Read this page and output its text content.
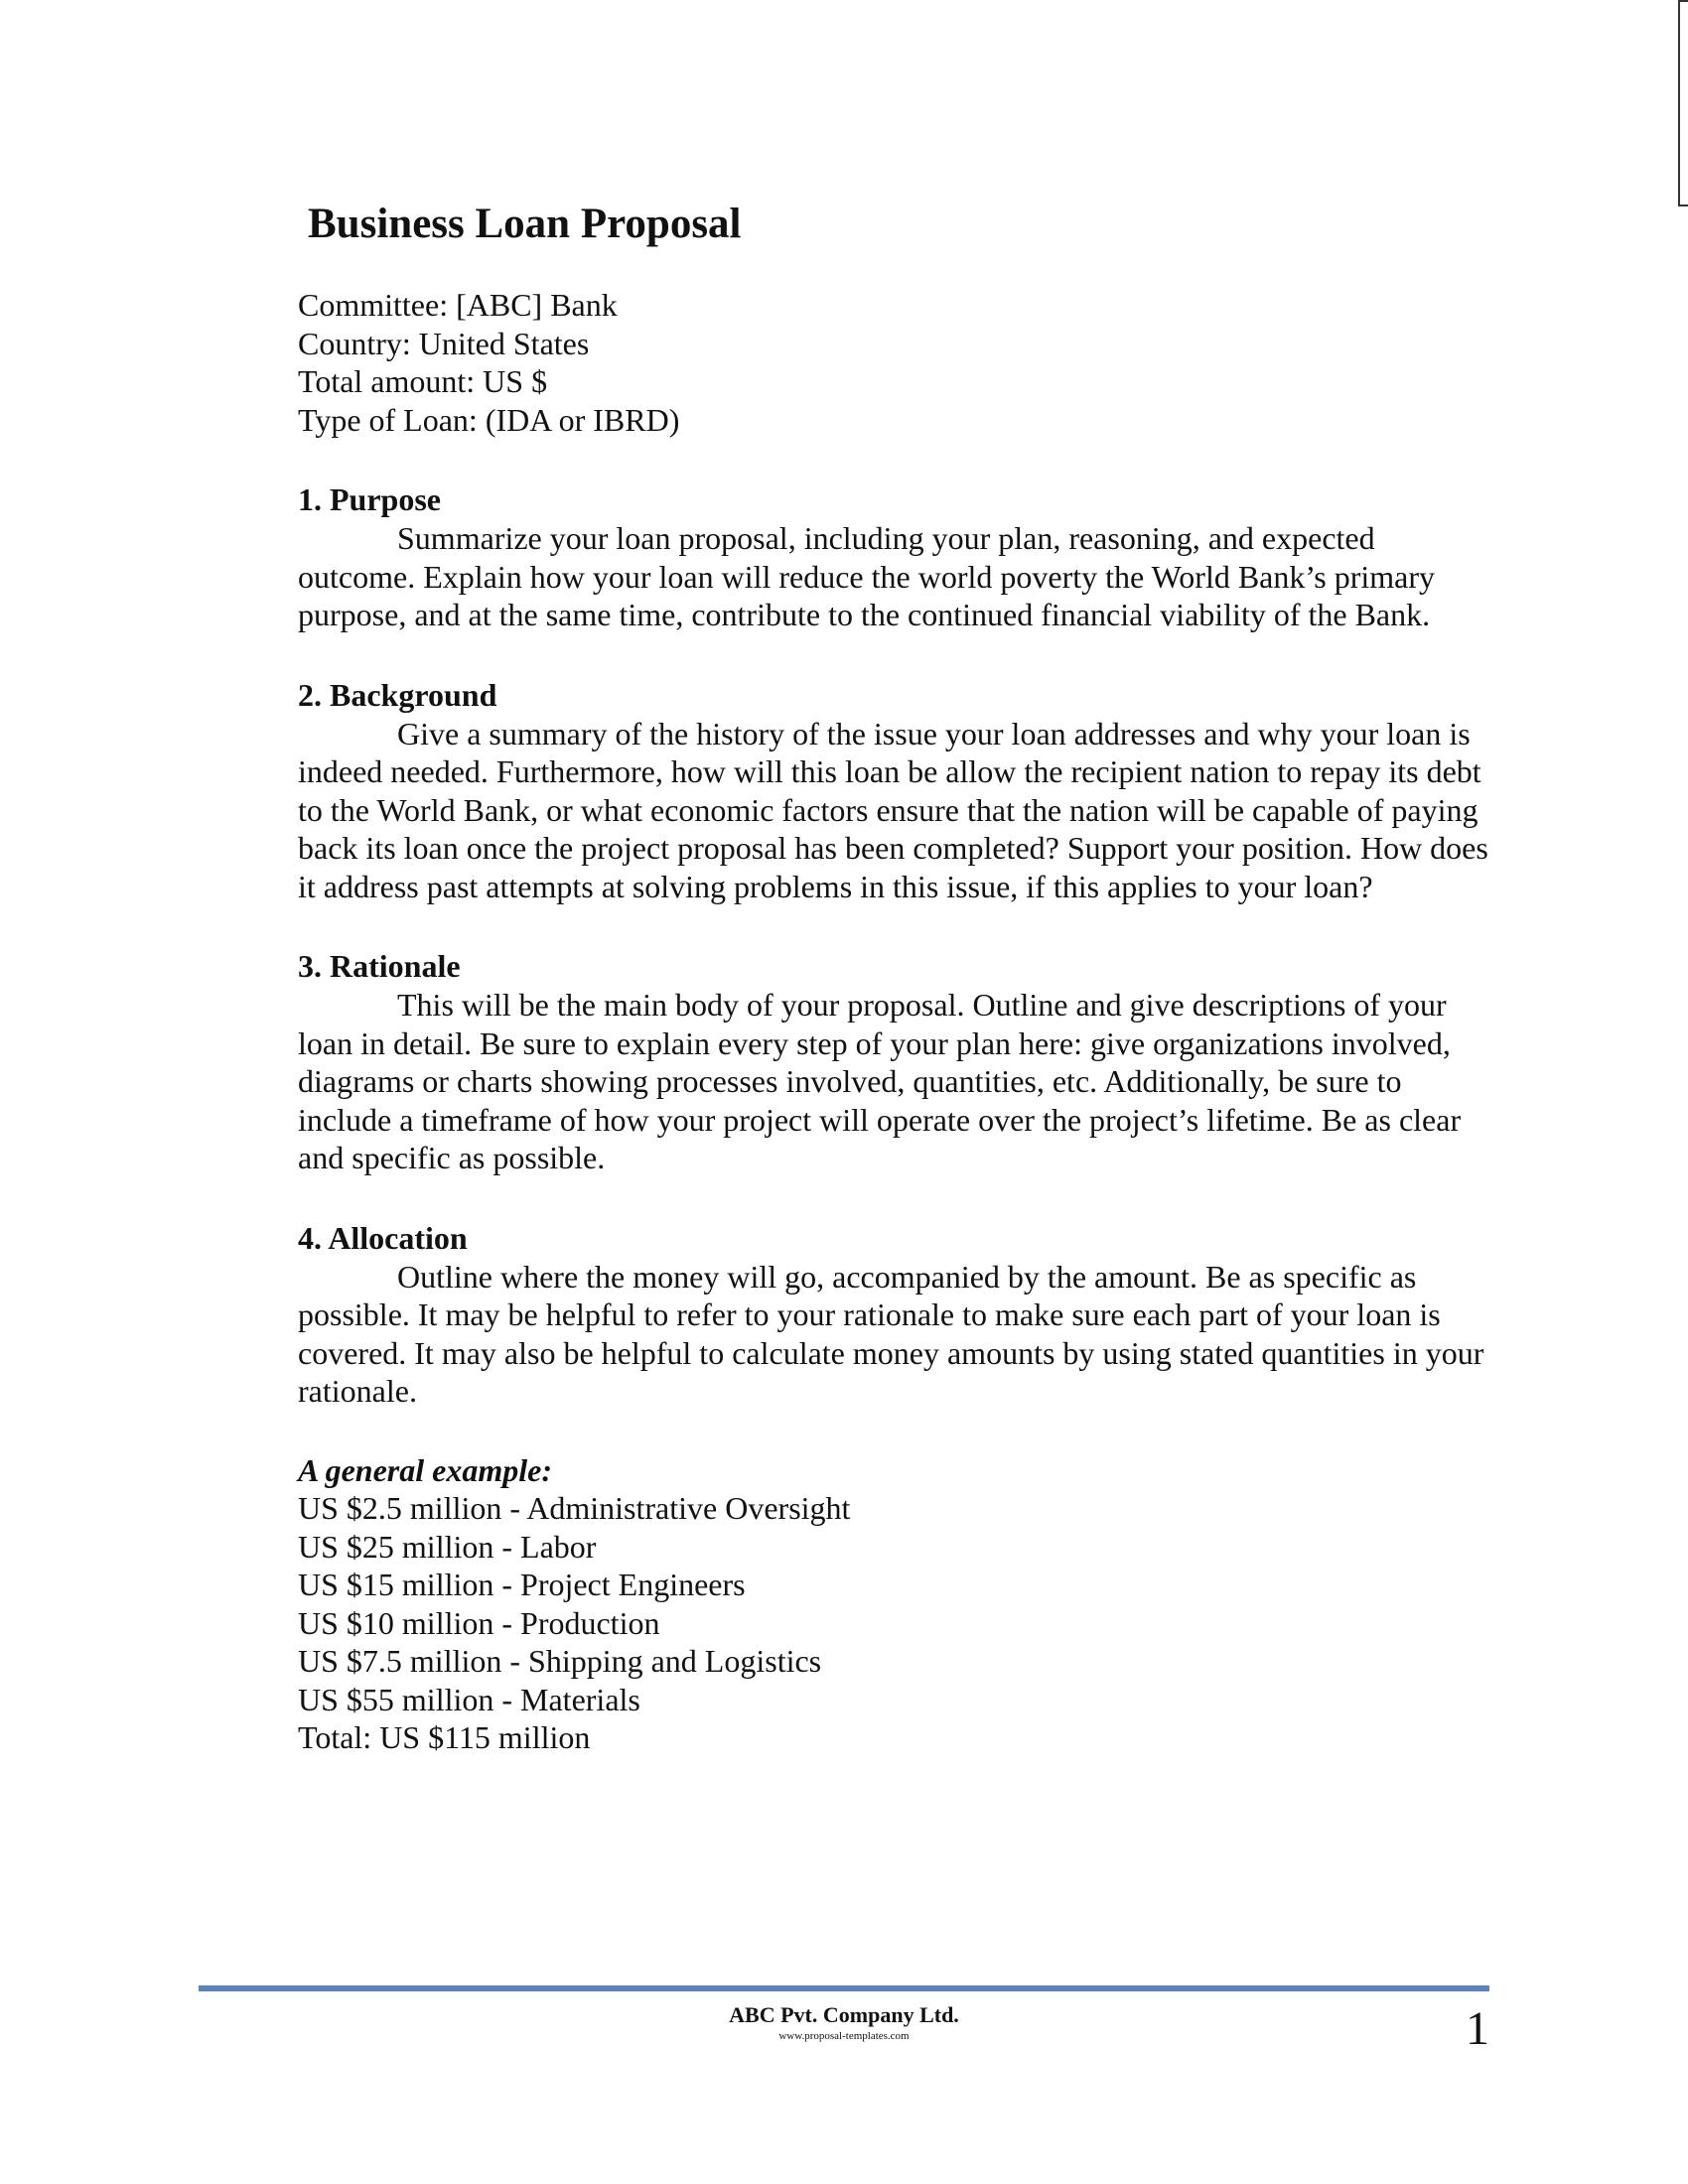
Business Loan Proposal

Committee: [ABC] Bank

Country: United States

Total amount: US $

Type of Loan: (IDA or IBRD)

1. Purpose

Summarize your loan proposal, including your plan, reasoning, and expected outcome. Explain how your loan will reduce the world poverty the World Bank’s primary purpose, and at the same time, contribute to the continued financial viability of the Bank.

2. Background

Give a summary of the history of the issue your loan addresses and why your loan is indeed needed. Furthermore, how will this loan be allow the recipient nation to repay its debt to the World Bank, or what economic factors ensure that the nation will be capable of paying back its loan once the project proposal has been completed? Support your position. How does it address past attempts at solving problems in this issue, if this applies to your loan?

3. Rationale

This will be the main body of your proposal. Outline and give descriptions of your loan in detail. Be sure to explain every step of your plan here: give organizations involved, diagrams or charts showing processes involved, quantities, etc. Additionally, be sure to include a timeframe of how your project will operate over the project’s lifetime. Be as clear and specific as possible.

4. Allocation

Outline where the money will go, accompanied by the amount. Be as specific as possible. It may be helpful to refer to your rationale to make sure each part of your loan is covered. It may also be helpful to calculate money amounts by using stated quantities in your rationale.

A general example:

US $2.5 million - Administrative Oversight

US $25 million - Labor

US $15 million - Project Engineers

US $10 million - Production

US $7.5 million - Shipping and Logistics

US $55 million - Materials

Total: US $115 million

ABC Pvt. Company Ltd.
www.proposal-templates.com	1
